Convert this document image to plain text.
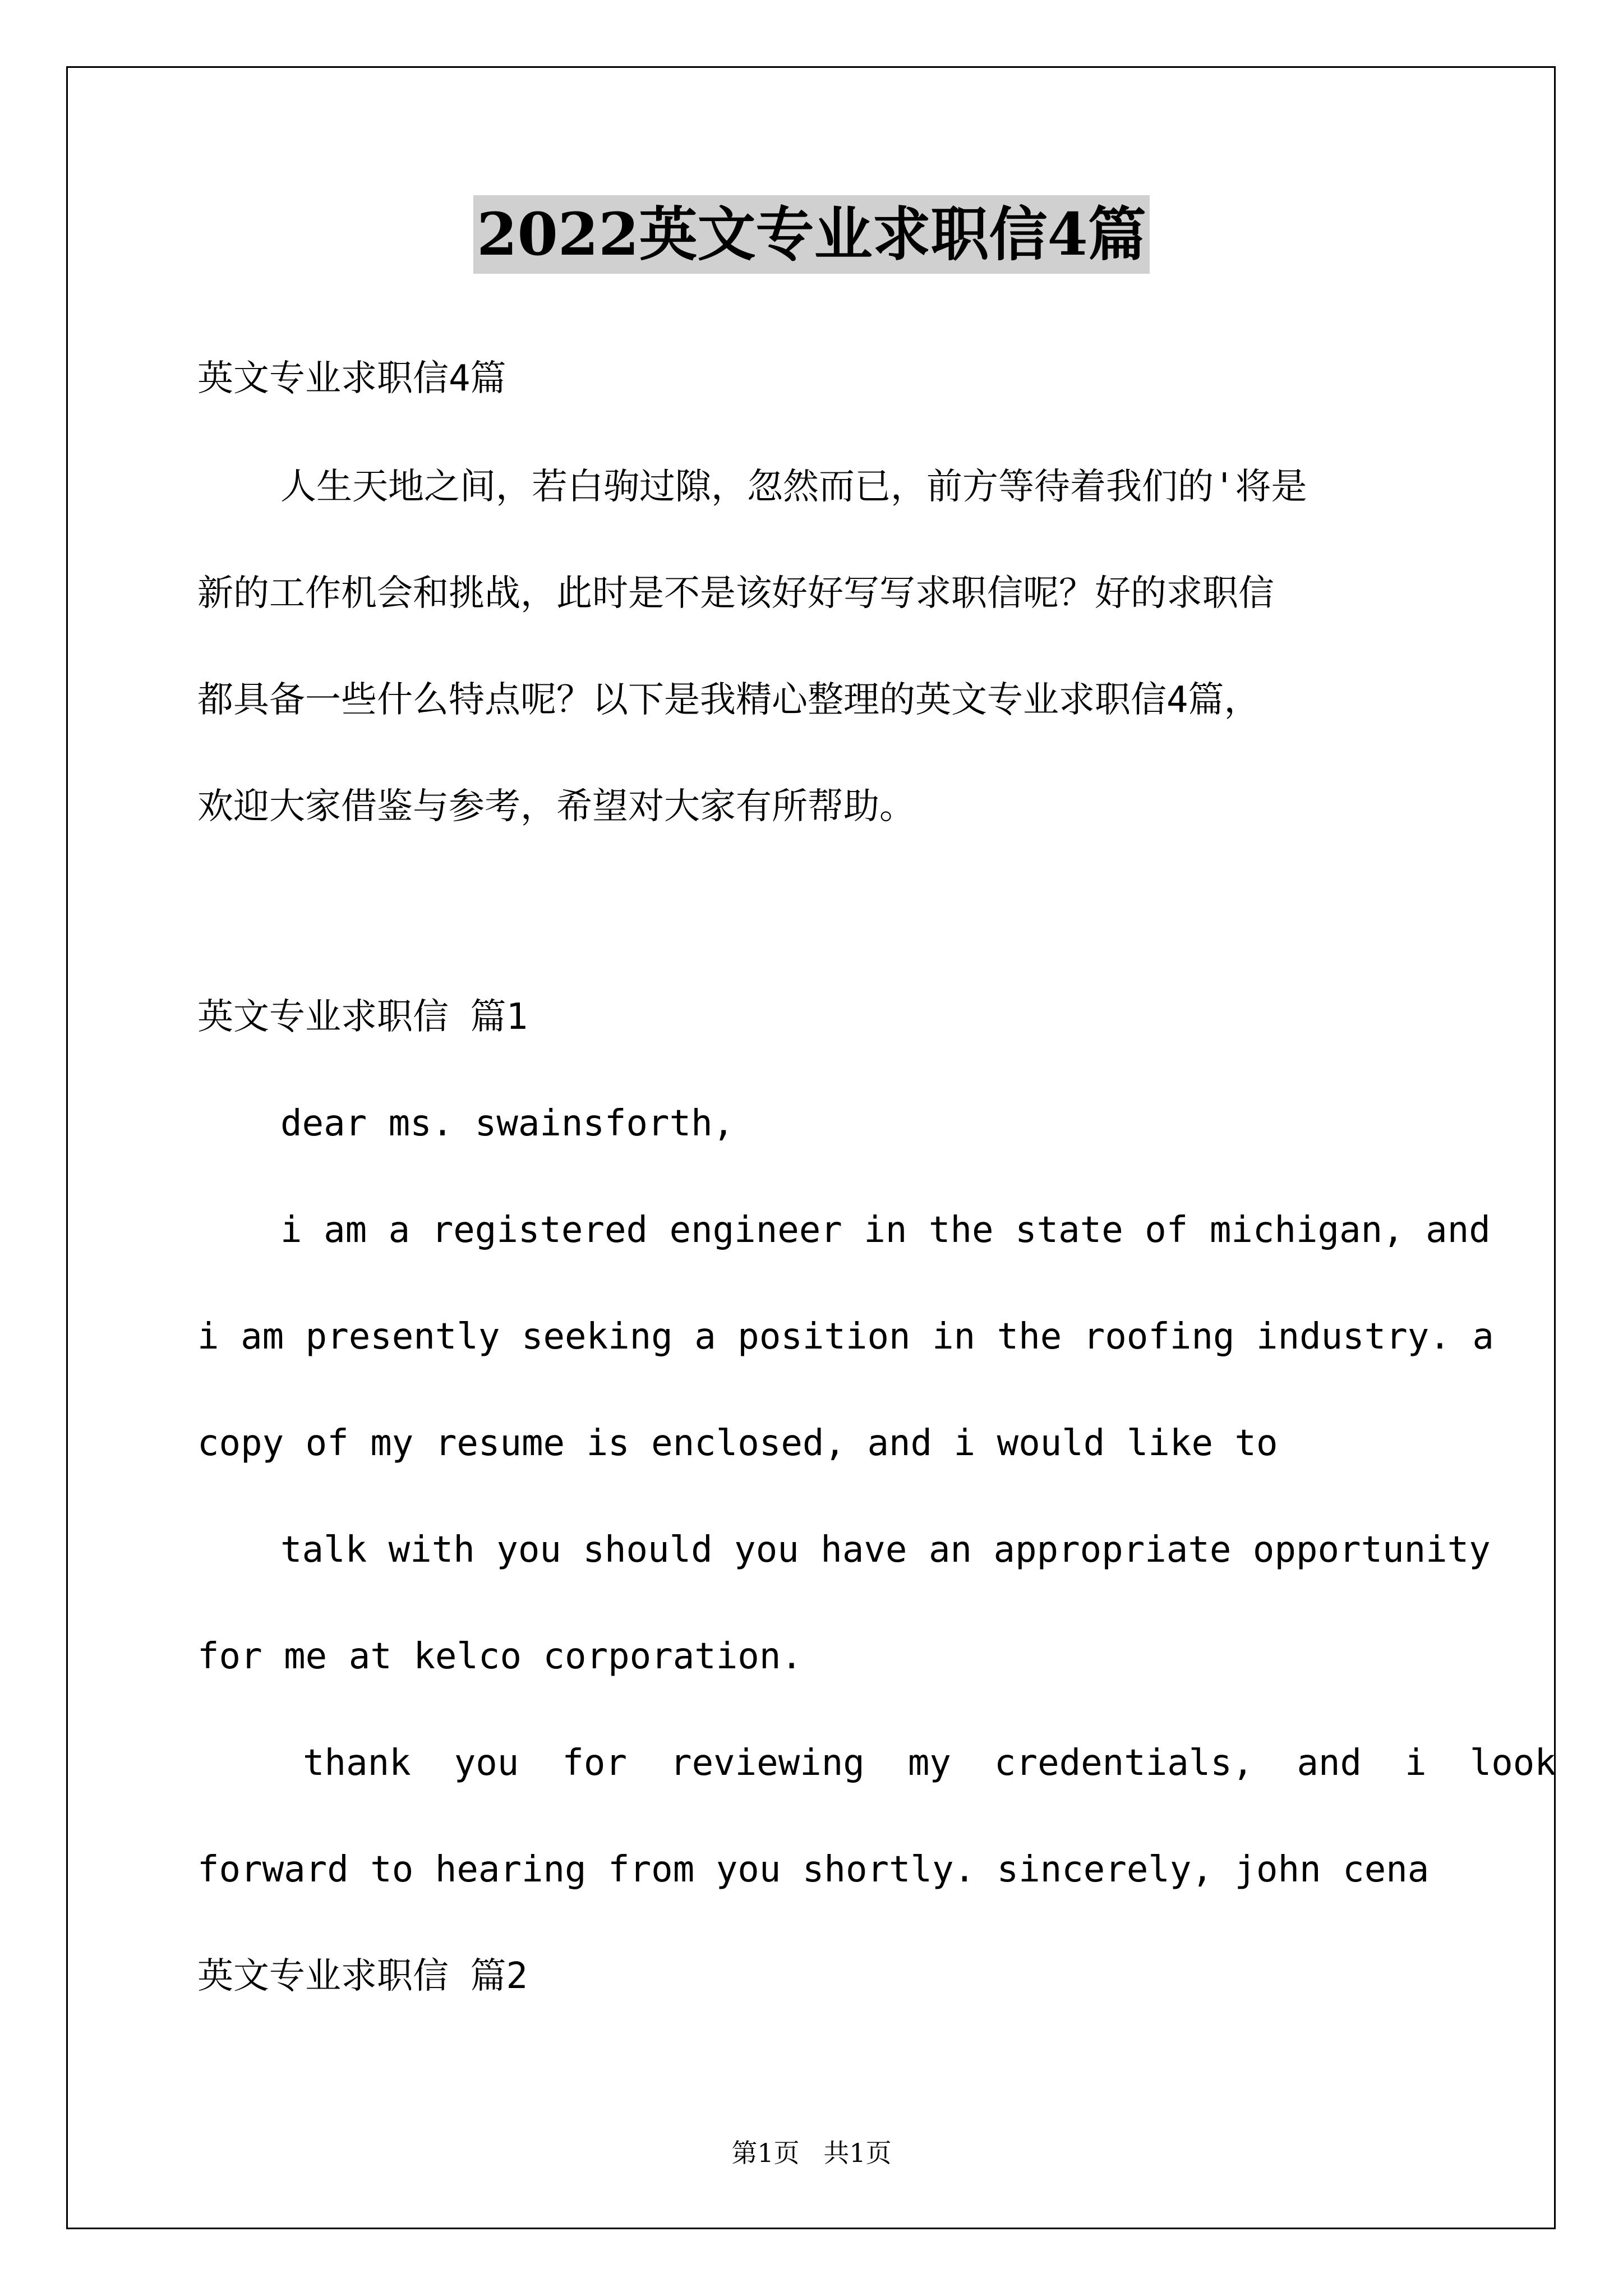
2022英文专业求职信4篇
英文专业求职信4篇
人生天地之间，若白驹过隙，忽然而已，前方等待着我们的'将是
新的工作机会和挑战，此时是不是该好好写写求职信呢？好的求职信
都具备一些什么特点呢？以下是我精心整理的英文专业求职信4篇，
欢迎大家借鉴与参考，希望对大家有所帮助。
英文专业求职信 篇1
dear ms. swainsforth,
i am a registered engineer in the state of michigan, and
i am presently seeking a position in the roofing industry. a
copy of my resume is enclosed, and i would like to
talk with you should you have an appropriate opportunity
for me at kelco corporation.
thank  you  for  reviewing  my  credentials,  and  i  look
forward to hearing from you shortly. sincerely, john cena
英文专业求职信 篇2
第1页 共1页
